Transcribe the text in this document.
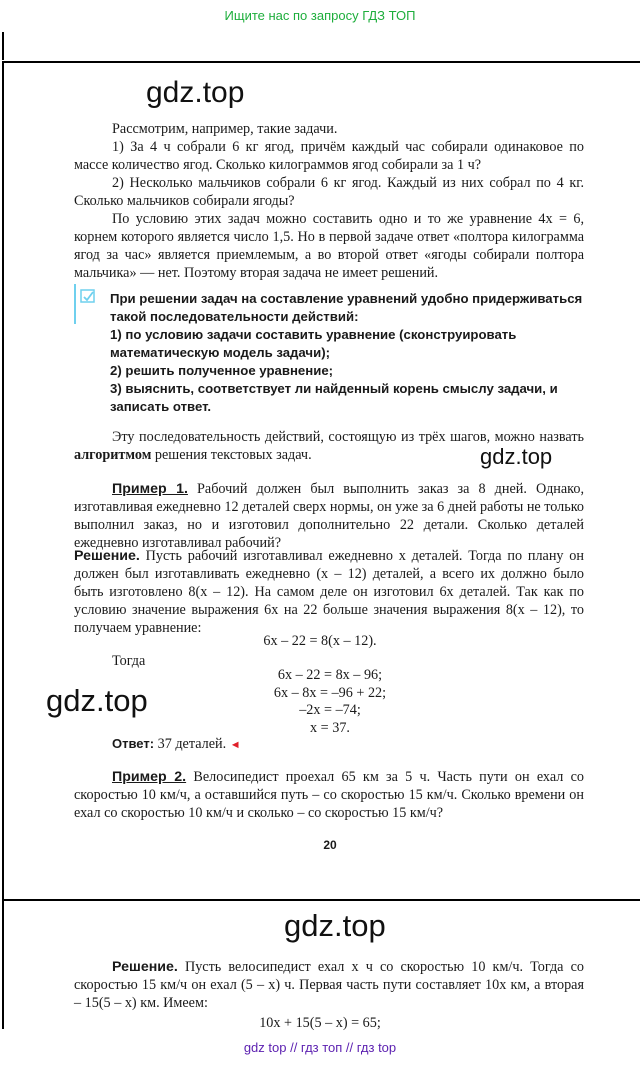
Ищите нас по запросу ГДЗ ТОП
gdz.top
gdz.top
gdz.top
gdz.top
Рассмотрим, например, такие задачи.
1) За 4 ч собрали 6 кг ягод, причём каждый час собирали одинаковое по массе количество ягод. Сколько килограммов ягод собирали за 1 ч?
2) Несколько мальчиков собрали 6 кг ягод. Каждый из них собрал по 4 кг. Сколько мальчиков собирали ягоды?
По условию этих задач можно составить одно и то же уравнение 4x = 6, корнем которого является число 1,5. Но в первой задаче ответ «полтора килограмма ягод за час» является приемлемым, а во второй ответ «ягоды собирали полтора мальчика» — нет. Поэтому вторая задача не имеет решений.
При решении задач на составление уравнений удобно придерживаться такой последовательности действий:
1) по условию задачи составить уравнение (сконструировать математическую модель задачи);
2) решить полученное уравнение;
3) выяснить, соответствует ли найденный корень смыслу задачи, и записать ответ.
Эту последовательность действий, состоящую из трёх шагов, можно назвать алгоритмом решения текстовых задач.
Пример 1. Рабочий должен был выполнить заказ за 8 дней. Однако, изготавливая ежедневно 12 деталей сверх нормы, он уже за 6 дней работы не только выполнил заказ, но и изготовил дополнительно 22 детали. Сколько деталей ежедневно изготавливал рабочий?
Решение. Пусть рабочий изготавливал ежедневно x деталей. Тогда по плану он должен был изготавливать ежедневно (x – 12) деталей, а всего их должно было быть изготовлено 8(x – 12). На самом деле он изготовил 6x деталей. Так как по условию значение выражения 6x на 22 больше значения выражения 8(x – 12), то получаем уравнение:
6x – 22 = 8(x – 12).
Тогда
6x – 22 = 8x – 96;
6x – 8x = –96 + 22;
–2x = –74;
x = 37.
Ответ: 37 деталей. ◄
Пример 2. Велосипедист проехал 65 км за 5 ч. Часть пути он ехал со скоростью 10 км/ч, а оставшийся путь – со скоростью 15 км/ч. Сколько времени он ехал со скоростью 10 км/ч и сколько – со скоростью 15 км/ч?
20
Решение. Пусть велосипедист ехал x ч со скоростью 10 км/ч. Тогда со скоростью 15 км/ч он ехал (5 – x) ч. Первая часть пути составляет 10x км, а вторая – 15(5 – x) км. Имеем:
10x + 15(5 – x) = 65;
gdz top // гдз топ // гдз top
